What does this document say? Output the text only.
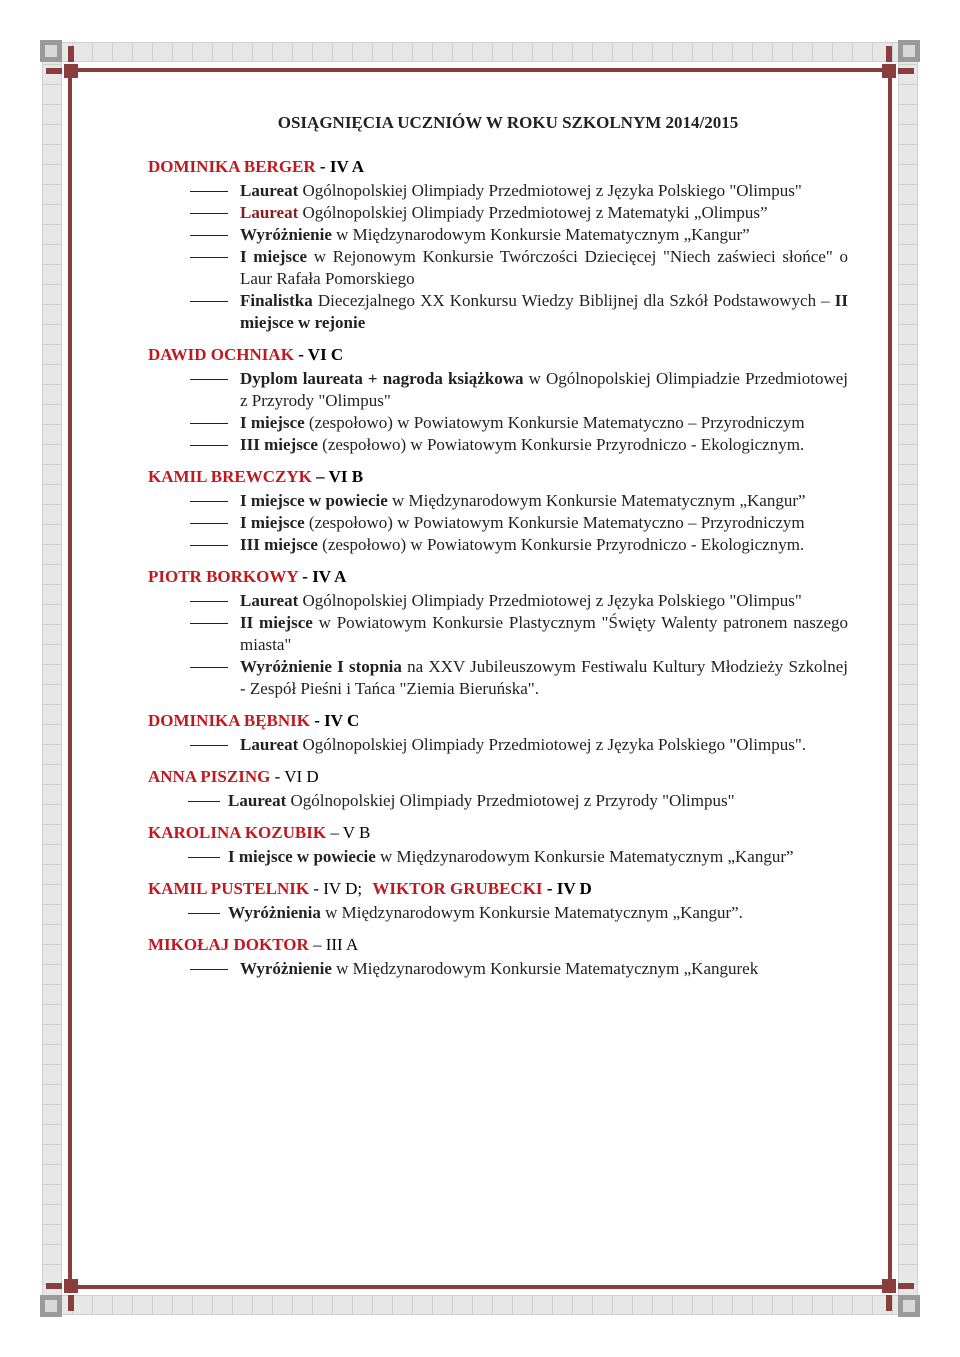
OSIĄGNIĘCIA UCZNIÓW W ROKU SZKOLNYM 2014/2015
DOMINIKA BERGER - IV A
Laureat Ogólnopolskiej Olimpiady Przedmiotowej z Języka Polskiego "Olimpus"
Laureat Ogólnopolskiej Olimpiady Przedmiotowej z Matematyki „Olimpus”
Wyróżnienie w Międzynarodowym Konkursie Matematycznym „Kangur”
I miejsce w Rejonowym Konkursie Twórczości Dziecięcej "Niech zaświeci słońce" o Laur Rafała Pomorskiego
Finalistka Diecezjalnego XX Konkursu Wiedzy Biblijnej dla Szkół Podstawowych – II miejsce w rejonie
DAWID OCHNIAK - VI C
Dyplom laureata + nagroda książkowa w Ogólnopolskiej Olimpiadzie Przedmiotowej z Przyrody "Olimpus"
I miejsce (zespołowo) w Powiatowym Konkursie Matematyczno – Przyrodniczym
III miejsce (zespołowo) w Powiatowym Konkursie Przyrodniczo - Ekologicznym.
KAMIL BREWCZYK – VI B
I miejsce w powiecie w Międzynarodowym Konkursie Matematycznym „Kangur”
I miejsce (zespołowo) w Powiatowym Konkursie Matematyczno – Przyrodniczym
III miejsce (zespołowo) w Powiatowym Konkursie Przyrodniczo - Ekologicznym.
PIOTR BORKOWY - IV A
Laureat Ogólnopolskiej Olimpiady Przedmiotowej z Języka Polskiego "Olimpus"
II miejsce w Powiatowym Konkursie Plastycznym "Święty Walenty patronem naszego miasta"
Wyróżnienie I stopnia na XXV Jubileuszowym Festiwalu Kultury Młodzieży Szkolnej - Zespół Pieśni i Tańca "Ziemia Bieruńska".
DOMINIKA BĘBNIK - IV C
Laureat Ogólnopolskiej Olimpiady Przedmiotowej z Języka Polskiego "Olimpus".
ANNA PISZING - VI D
Laureat Ogólnopolskiej Olimpiady Przedmiotowej z Przyrody "Olimpus"
KAROLINA KOZUBIK – V B
I miejsce w powiecie w Międzynarodowym Konkursie Matematycznym „Kangur”
KAMIL PUSTELNIK - IV D; WIKTOR GRUBECKI - IV D
Wyróżnienia w Międzynarodowym Konkursie Matematycznym „Kangur”.
MIKOŁAJ DOKTOR – III A
Wyróżnienie w Międzynarodowym Konkursie Matematycznym „Kangurek
